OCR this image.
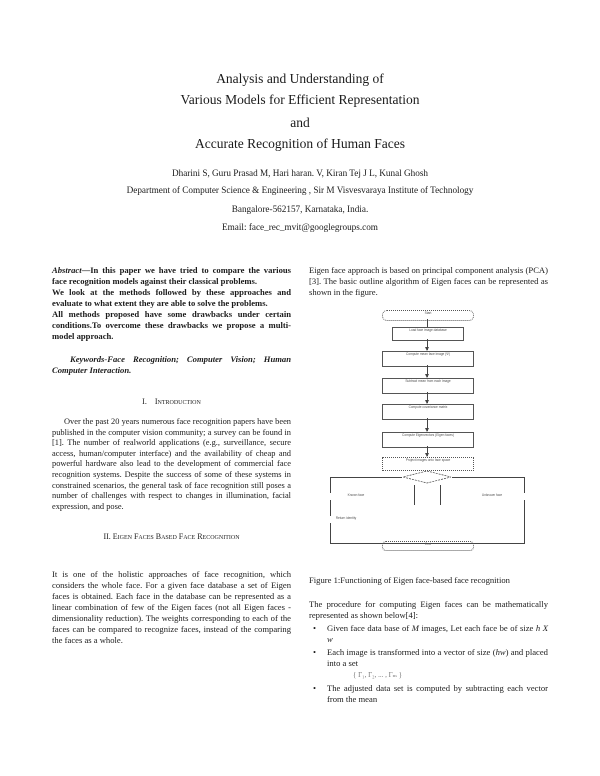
Analysis and Understanding of
Various Models for Efficient Representation
and
Accurate Recognition of Human Faces
Dharini S, Guru Prasad M, Hari haran. V, Kiran Tej J L, Kunal Ghosh
Department of Computer Science & Engineering , Sir M Visvesvaraya Institute of Technology
Bangalore-562157, Karnataka, India.
Email: face_rec_mvit@googlegroups.com

Abstract—In this paper we have tried to compare the various face recognition models against their classical problems.

We look at the methods followed by these approaches and evaluate to what extent they are able to solve the problems.

All methods proposed have some drawbacks under certain conditions.To overcome these drawbacks we propose a multi-model approach.

Keywords-Face Recognition; Computer Vision; Human Computer Interaction.

I. Introduction

Over the past 20 years numerous face recognition papers have been published in the computer vision community; a survey can be found in [1]. The number of realworld applications (e.g., surveillance, secure access, human/computer interface) and the availability of cheap and powerful hardware also lead to the development of commercial face recognition systems. Despite the success of some of these systems in constrained scenarios, the general task of face recognition still poses a number of challenges with respect to changes in illumination, facial expression, and pose.

II. Eigen Faces Based Face Recognition

It is one of the holistic approaches of face recognition, which considers the whole face. For a given face database a set of Eigen faces is obtained. Each face in the database can be represented as a linear combination of few of the Eigen faces (not all Eigen faces - dimensionality reduction). The weights corresponding to each of the faces can be compared to recognize faces, instead of the comparing the faces as a whole.

Eigen face approach is based on principal component analysis (PCA)[3]. The basic outline algorithm of Eigen faces can be represented as shown in the figure.
Start
Load face image database
Compute mean face image (Ψ)
Subtract mean from each image
Compute covariance matrix
Compute Eigenvectors (Eigen faces)
Project images onto face space
Known face	Unknown face
Return identity
End
Figure 1:Functioning of Eigen face-based face recognition

The procedure for computing Eigen faces can be mathematically represented as shown below[4]:

• Given face data base of M images, Let each face be of size h X w
• Each image is transformed into a vector of size (hw) and placed into a set
{ Γ₁, Γ₂, ... , Γₘ }
• The adjusted data set is computed by subtracting each vector from the mean
